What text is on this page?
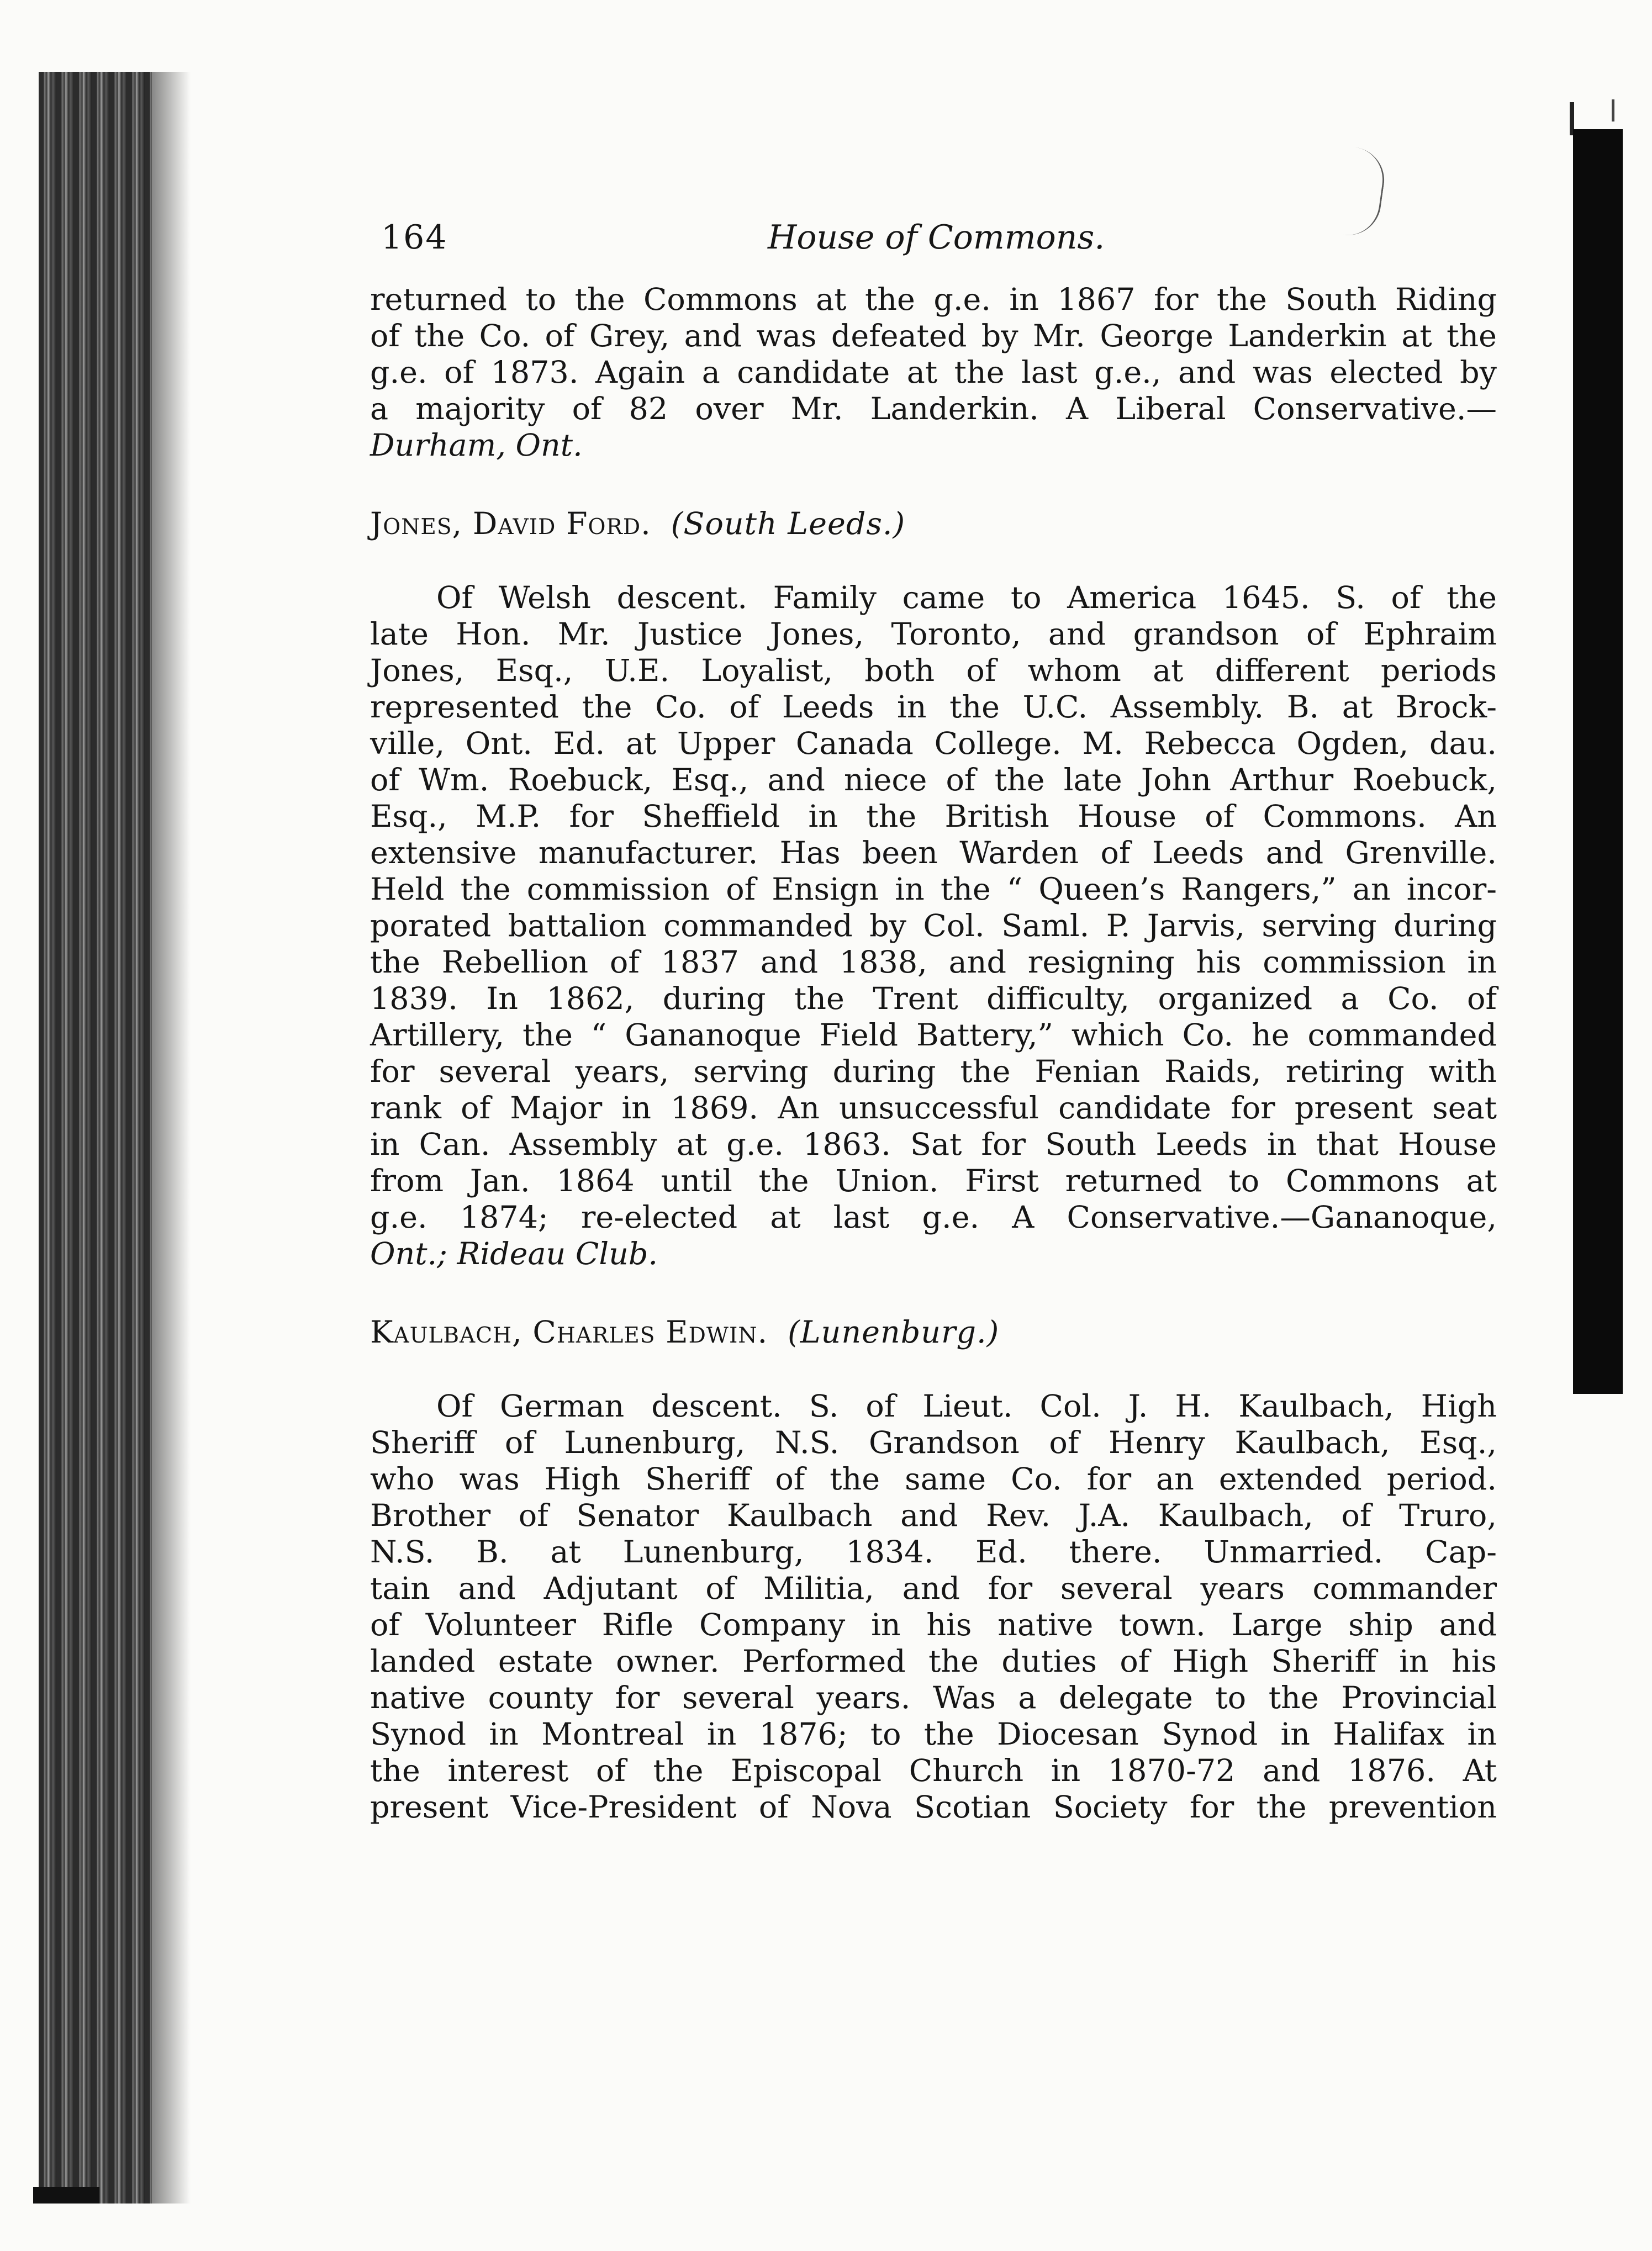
164	House of Commons.
returned to the Commons at the g.e. in 1867 for the South Riding
of the Co. of Grey, and was defeated by Mr. George Landerkin at the
g.e. of 1873. Again a candidate at the last g.e., and was elected by
a majority of 82 over Mr. Landerkin. A Liberal Conservative.—
Durham, Ont.
Jones, David Ford. (South Leeds.)
Of Welsh descent. Family came to America 1645. S. of the
late Hon. Mr. Justice Jones, Toronto, and grandson of Ephraim
Jones, Esq., U.E. Loyalist, both of whom at different periods
represented the Co. of Leeds in the U.C. Assembly. B. at Brock-
ville, Ont. Ed. at Upper Canada College. M. Rebecca Ogden, dau.
of Wm. Roebuck, Esq., and niece of the late John Arthur Roebuck,
Esq., M.P. for Sheffield in the British House of Commons. An
extensive manufacturer. Has been Warden of Leeds and Grenville.
Held the commission of Ensign in the “ Queen’s Rangers,” an incor-
porated battalion commanded by Col. Saml. P. Jarvis, serving during
the Rebellion of 1837 and 1838, and resigning his commission in
1839. In 1862, during the Trent difficulty, organized a Co. of
Artillery, the “ Gananoque Field Battery,” which Co. he commanded
for several years, serving during the Fenian Raids, retiring with
rank of Major in 1869. An unsuccessful candidate for present seat
in Can. Assembly at g.e. 1863. Sat for South Leeds in that House
from Jan. 1864 until the Union. First returned to Commons at
g.e. 1874; re-elected at last g.e. A Conservative.—Gananoque,
Ont.; Rideau Club.
Kaulbach, Charles Edwin. (Lunenburg.)
Of German descent. S. of Lieut. Col. J. H. Kaulbach, High
Sheriff of Lunenburg, N.S. Grandson of Henry Kaulbach, Esq.,
who was High Sheriff of the same Co. for an extended period.
Brother of Senator Kaulbach and Rev. J.A. Kaulbach, of Truro,
N.S. B. at Lunenburg, 1834. Ed. there. Unmarried. Cap-
tain and Adjutant of Militia, and for several years commander
of Volunteer Rifle Company in his native town. Large ship and
landed estate owner. Performed the duties of High Sheriff in his
native county for several years. Was a delegate to the Provincial
Synod in Montreal in 1876; to the Diocesan Synod in Halifax in
the interest of the Episcopal Church in 1870-72 and 1876. At
present Vice-President of Nova Scotian Society for the prevention
